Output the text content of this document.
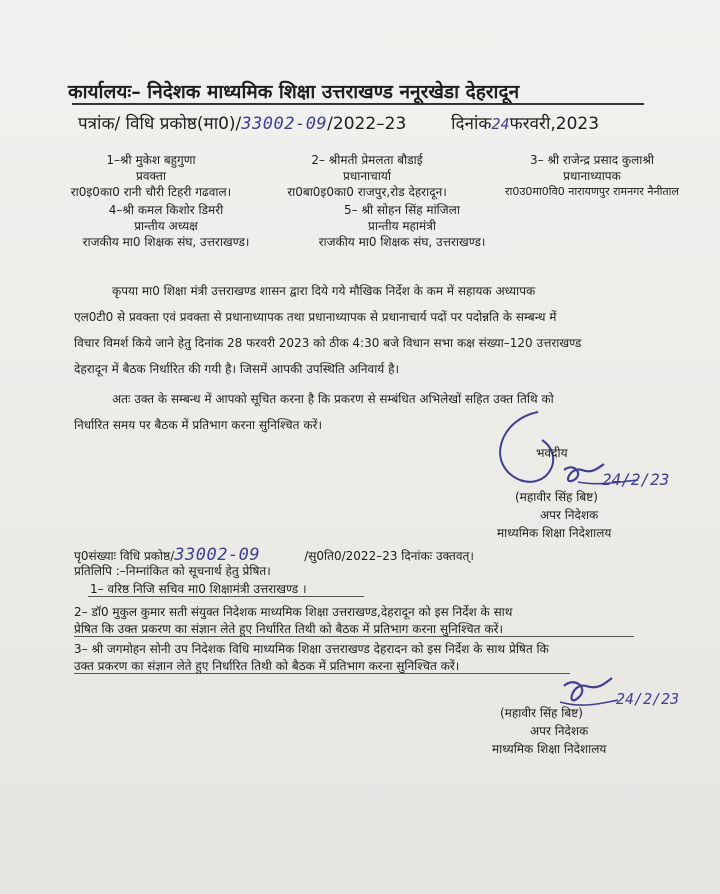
कार्यालयः– निदेशक माध्यमिक शिक्षा उत्तराखण्ड ननूरखेडा देहरादून
पत्रांक/ विधि प्रकोष्ठ(मा0)/33002-09/2022–23	दिनांक24फरवरी,2023
1–श्री मुकेश बहुगुणा
प्रवक्ता
रा0इ0का0 रानी चौरी टिहरी गढवाल।
2– श्रीमती प्रेमलता बौडाई
प्रधानाचार्या
रा0बा0इ0का0 राजपुर,रोड देहरादून।
3– श्री राजेन्द्र प्रसाद कुलाश्री
प्रधानाध्यापक
रा0उ0मा0वि0 नारायणपुर रामनगर नैनीताल
4–श्री कमल किशोर डिमरी
प्रान्तीय अध्यक्ष
राजकीय मा0 शिक्षक संघ, उत्तराखण्ड।
5– श्री सोहन सिंह मांजिला
प्रान्तीय महामंत्री
राजकीय मा0 शिक्षक संघ, उत्तराखण्ड।
कृपया मा0 शिक्षा मंत्री उत्तराखण्ड शासन द्वारा दिये गये मौखिक निर्देश के कम में सहायक अध्यापक
एल0टी0 से प्रवक्ता एवं प्रवक्ता से प्रधानाध्यापक तथा प्रधानाध्यापक से प्रधानाचार्य पदों पर पदोन्नति के सम्बन्ध में
विचार विमर्श किये जाने हेतु दिनांक 28 फरवरी 2023 को ठीक 4:30 बजे विधान सभा कक्ष संख्या–120 उत्तराखण्ड
देहरादून में बैठक निर्धारित की गयी है। जिसमें आपकी उपस्थिति अनिवार्य है।
अतः उक्त के सम्बन्ध में आपको सूचित करना है कि प्रकरण से सम्बंधित अभिलेखों सहित उक्त तिथि को
निर्धारित समय पर बैठक में प्रतिभाग करना सुनिश्चित करें।
भवदीय
24/2/23
(महावीर सिंह बिष्ट)
अपर निदेशक
माध्यमिक शिक्षा निदेशालय
पृ0संख्याः विधि प्रकोष्ठ/33002-09	/सु0ति0/2022–23 दिनांकः उक्तवत्।
प्रतिलिपि :–निम्नांकित को सूचनार्थ हेतु प्रेषित।
1– वरिष्ठ निजि सचिव मा0 शिक्षामंत्री उत्तराखण्ड ।
2– डॉ0 मुकुल कुमार सती संयुक्त निदेशक माध्यमिक शिक्षा उत्तराखण्ड,देहरादून को इस निर्देश के साथ
प्रेषित कि उक्त प्रकरण का संज्ञान लेते हुए निर्धारित तिथी को बैठक में प्रतिभाग करना सुनिश्चित करें।
3– श्री जगमोहन सोनी उप निदेशक विधि माध्यमिक शिक्षा उत्तराखण्ड देहरादन को इस निर्देश के साथ प्रेषित कि
उक्त प्रकरण का संज्ञान लेते हुए निर्धारित तिथी को बैठक में प्रतिभाग करना सुनिश्चित करें।
24/2/23
(महावीर सिंह बिष्ट)
अपर निदेशक
माध्यमिक शिक्षा निदेशालय
